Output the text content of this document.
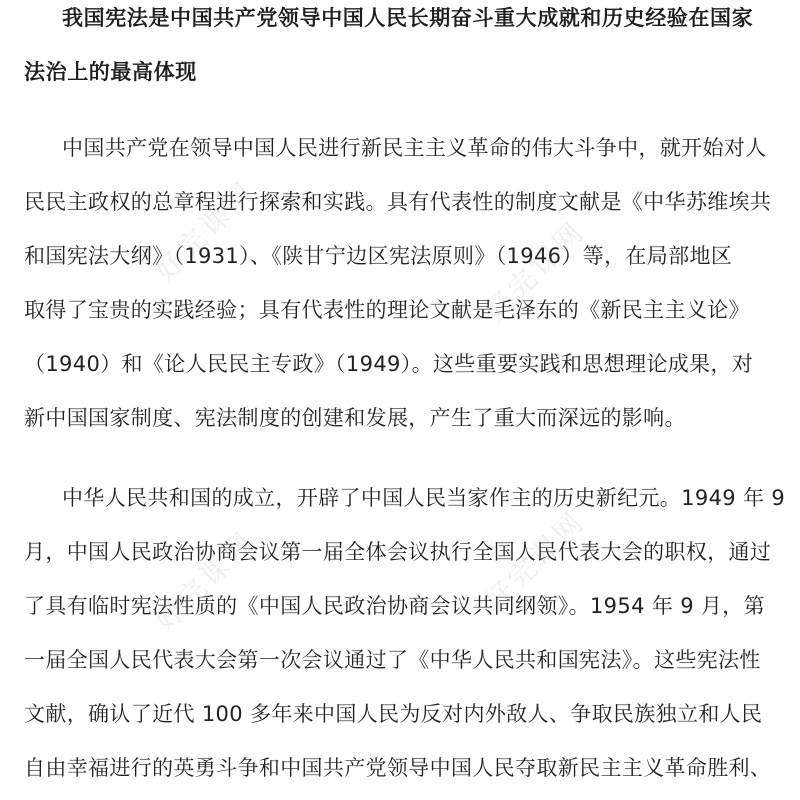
我国宪法是中国共产党领导中国人民长期奋斗重大成就和历史经验在国家
法治上的最高体现
中国共产党在领导中国人民进行新民主主义革命的伟大斗争中，就开始对人
民民主政权的总章程进行探索和实践。具有代表性的制度文献是《中华苏维埃共
和国宪法大纲》（1931）、《陕甘宁边区宪法原则》（1946）等，在局部地区
取得了宝贵的实践经验；具有代表性的理论文献是毛泽东的《新民主主义论》
（1940）和《论人民民主专政》（1949）。这些重要实践和思想理论成果，对
新中国国家制度、宪法制度的创建和发展，产生了重大而深远的影响。
中华人民共和国的成立，开辟了中国人民当家作主的历史新纪元。1949 年 9
月，中国人民政治协商会议第一届全体会议执行全国人民代表大会的职权，通过
了具有临时宪法性质的《中国人民政治协商会议共同纲领》。1954 年 9 月，第
一届全国人民代表大会第一次会议通过了《中华人民共和国宪法》。这些宪法性
文献，确认了近代 100 多年来中国人民为反对内外敌人、争取民族独立和人民
自由幸福进行的英勇斗争和中国共产党领导中国人民夺取新民主主义革命胜利、
好完课网	好完课网
好完课网	好完课网
